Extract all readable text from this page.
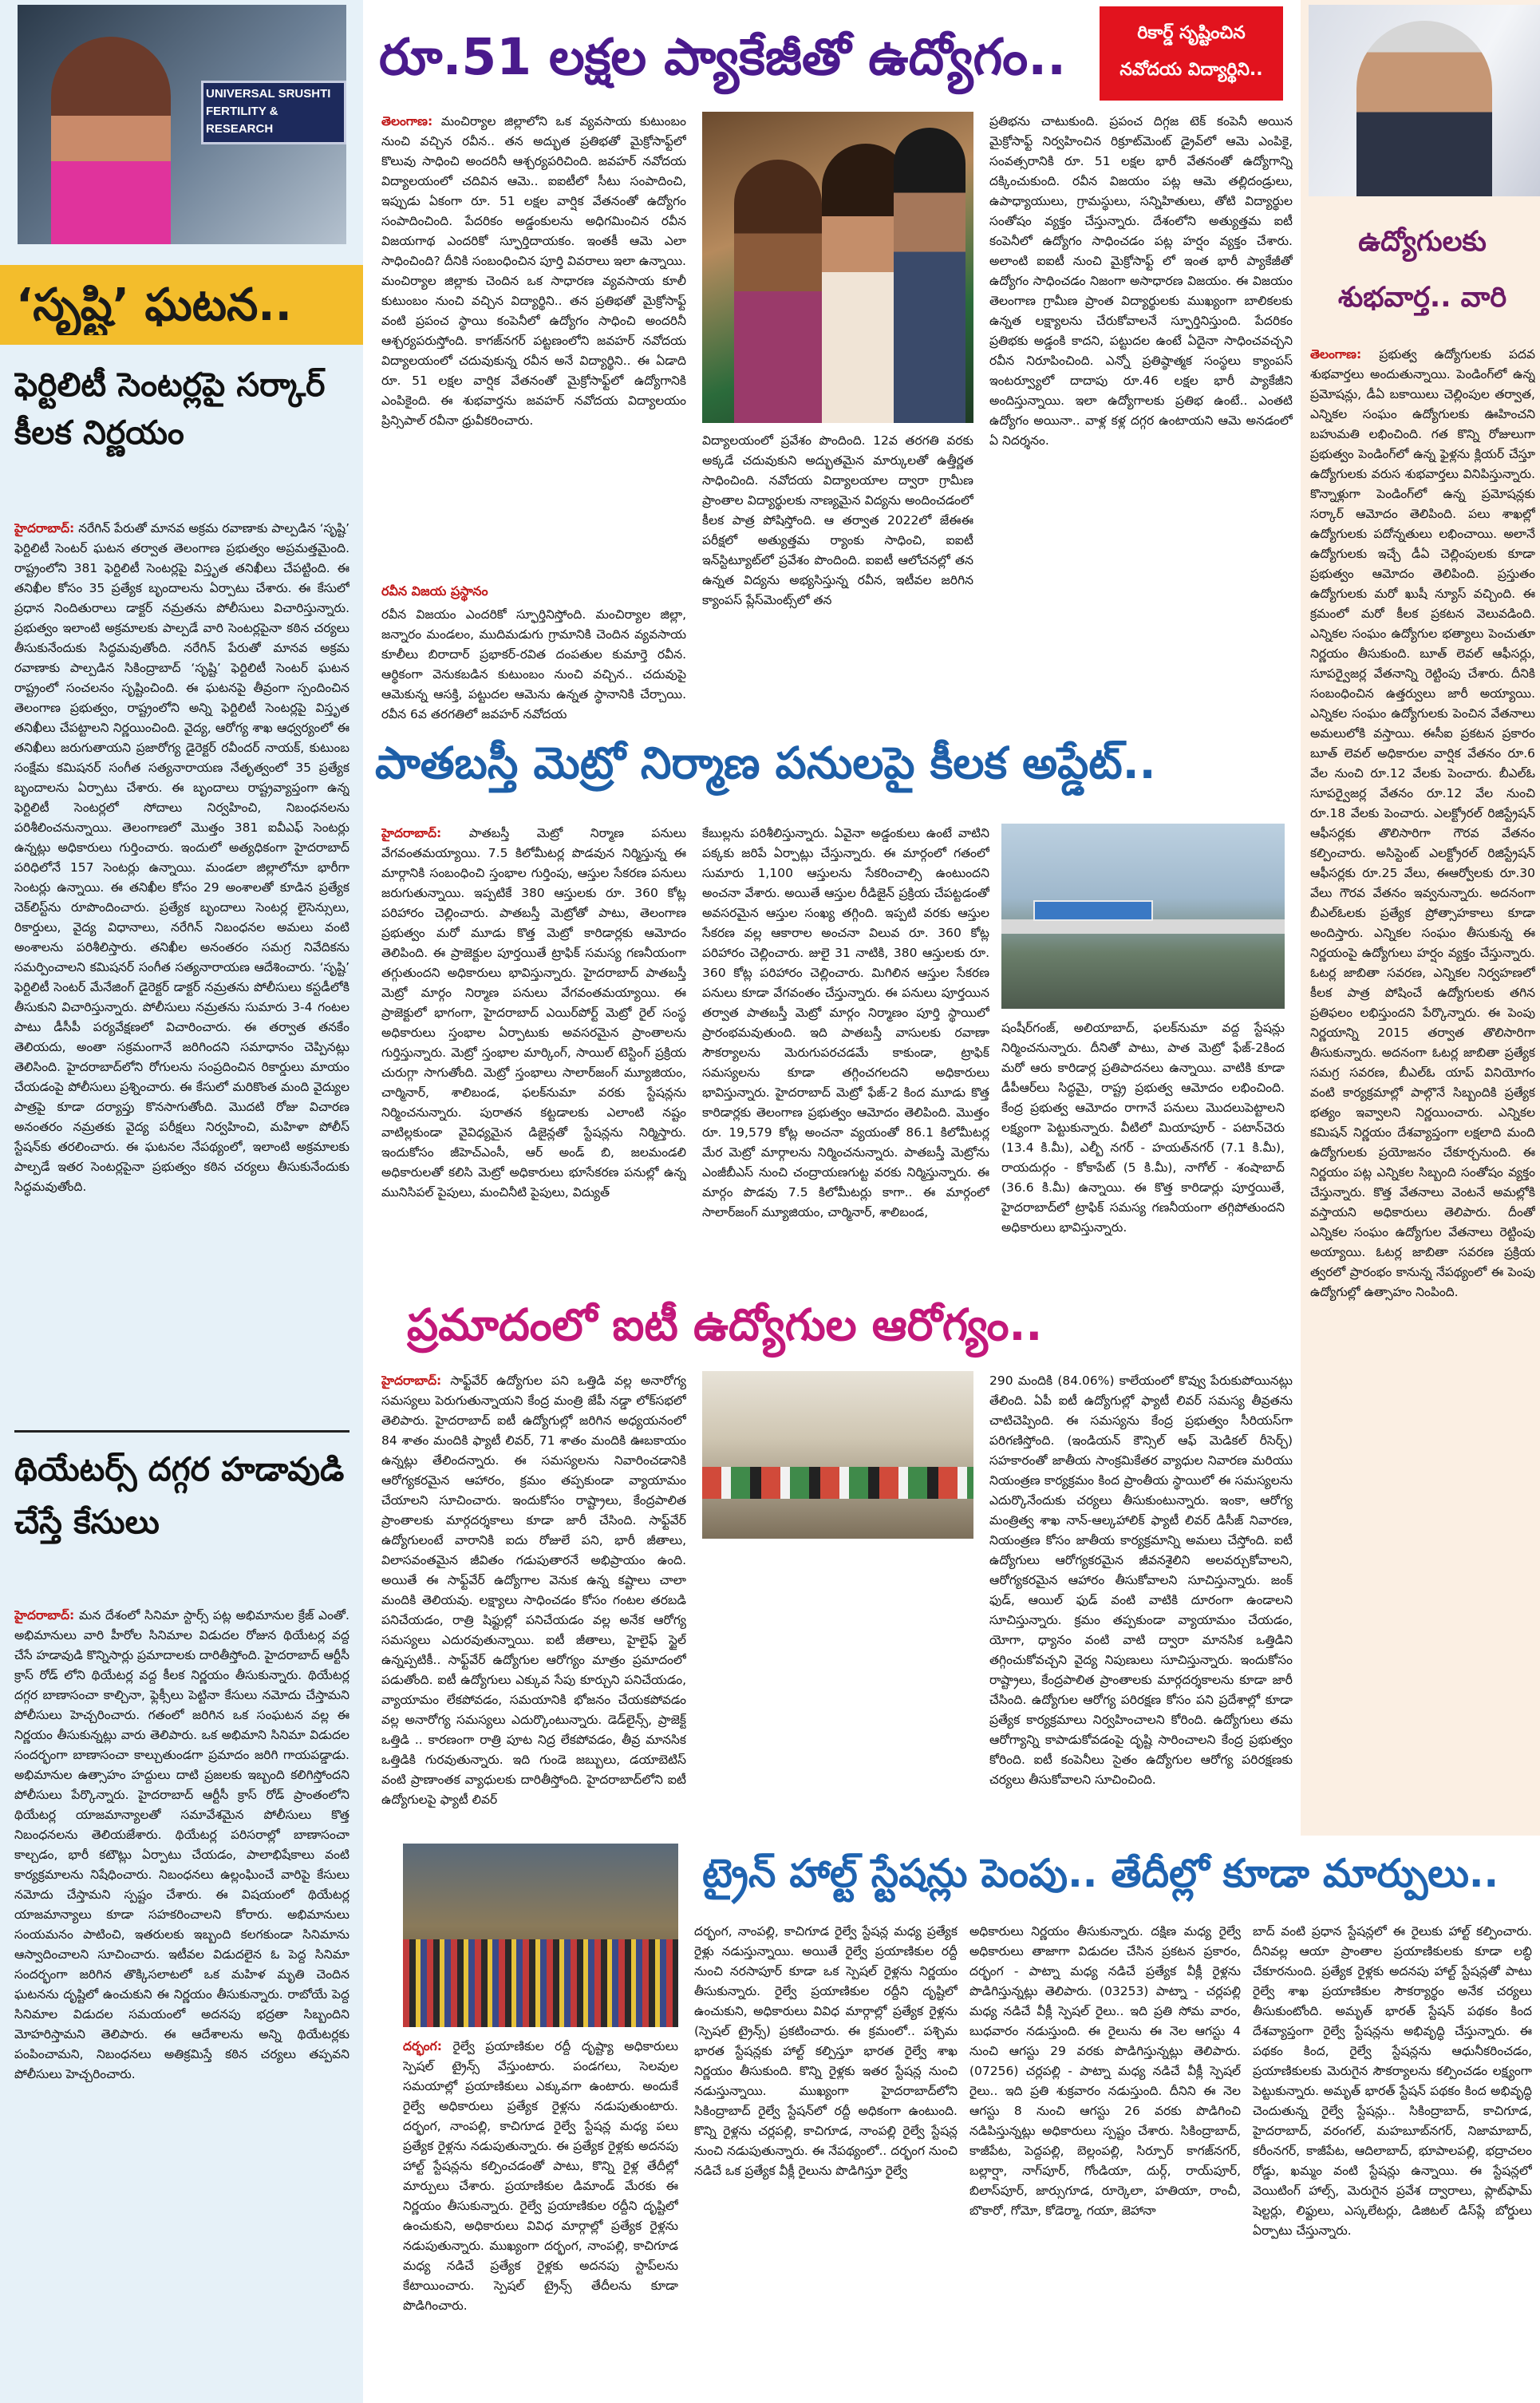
UNIVERSAL SRUSHTI FERTILITY & RESEARCH
‘సృష్టి’ ఘటన..
ఫెర్టిలిటీ సెంటర్లపై సర్కార్ కీలక నిర్ణయం
హైదరాబాద్: నరేగిన్ పేరుతో మానవ అక్రమ రవాణాకు పాల్పడిన ‘సృష్టి’ ఫెర్టిలిటీ సెంటర్ ఘటన తర్వాత తెలంగాణ ప్రభుత్వం అప్రమత్తమైంది. రాష్ట్రంలోని 381 ఫెర్టిలిటీ సెంటర్లపై విస్తృత తనిఖీలు చేపట్టింది. ఈ తనిఖీల కోసం 35 ప్రత్యేక బృందాలను ఏర్పాటు చేశారు. ఈ కేసులో ప్రధాన నిందితురాలు డాక్టర్ నమ్రతను పోలీసులు విచారిస్తున్నారు. ప్రభుత్వం ఇలాంటి అక్రమాలకు పాల్పడే వారి సెంటర్లపైనా కఠిన చర్యలు తీసుకునేందుకు సిద్ధమవుతోంది. నరేగిన్ పేరుతో మానవ అక్రమ రవాణాకు పాల్పడిన సికింద్రాబాద్ ‘సృష్టి’ ఫెర్టిలిటీ సెంటర్ ఘటన రాష్ట్రంలో సంచలనం సృష్టించింది. ఈ ఘటనపై తీవ్రంగా స్పందించిన తెలంగాణ ప్రభుత్వం, రాష్ట్రంలోని అన్ని ఫెర్టిలిటీ సెంటర్లపై విస్తృత తనిఖీలు చేపట్టాలని నిర్ణయించింది. వైద్య, ఆరోగ్య శాఖ ఆధ్వర్యంలో ఈ తనిఖీలు జరుగుతాయని ప్రజారోగ్య డైరెక్టర్ రవీందర్ నాయక్, కుటుంబ సంక్షేమ కమిషనర్ సంగీత సత్యనారాయణ నేతృత్వంలో 35 ప్రత్యేక బృందాలను ఏర్పాటు చేశారు. ఈ బృందాలు రాష్ట్రవ్యాప్తంగా ఉన్న ఫెర్టిలిటీ సెంటర్లలో సోదాలు నిర్వహించి, నిబంధనలను పరిశీలించనున్నాయి. తెలంగాణలో మొత్తం 381 ఐవీఎఫ్ సెంటర్లు ఉన్నట్లు అధికారులు గుర్తించారు. ఇందులో అత్యధికంగా హైదరాబాద్ పరిధిలోనే 157 సెంటర్లు ఉన్నాయి. మండలా జిల్లాలోనూ భారీగా సెంటర్లు ఉన్నాయి. ఈ తనిఖీల కోసం 29 అంశాలతో కూడిన ప్రత్యేక చెక్‌లిస్ట్‌ను రూపొందించారు. ప్రత్యేక బృందాలు సెంటర్ల లైసెన్సులు, రికార్డులు, వైద్య విధానాలు, నరేగిన్ నిబంధనల అమలు వంటి అంశాలను పరిశీలిస్తారు. తనిఖీల అనంతరం సమగ్ర నివేదికను సమర్పించాలని కమిషనర్ సంగీత సత్యనారాయణ ఆదేశించారు. ‘సృష్టి’ ఫెర్టిలిటీ సెంటర్ మేనేజింగ్ డైరెక్టర్ డాక్టర్ నమ్రతను పోలీసులు కస్టడీలోకి తీసుకుని విచారిస్తున్నారు. పోలీసులు నమ్రతను సుమారు 3-4 గంటల పాటు డీసీపీ పర్యవేక్షణలో విచారించారు. ఈ తర్వాత తనకేం తెలియదు, అంతా సక్రమంగానే జరిగిందని సమాధానం చెప్పినట్లు తెలిసింది. హైదరాబాద్‌లోని రోగులను సంప్రదించిన రికార్డులు మాయం చేయడంపై పోలీసులు ప్రశ్నించారు. ఈ కేసులో మరికొంత మంది వైద్యుల పాత్రపై కూడా దర్యాప్తు కొనసాగుతోంది. మొదటి రోజు విచారణ అనంతరం నమ్రతకు వైద్య పరీక్షలు నిర్వహించి, మహిళా పోలీస్ స్టేషన్‌కు తరలించారు. ఈ ఘటనల నేపథ్యంలో, ఇలాంటి అక్రమాలకు పాల్పడే ఇతర సెంటర్లపైనా ప్రభుత్వం కఠిన చర్యలు తీసుకునేందుకు సిద్ధమవుతోంది.
థియేటర్స్ దగ్గర హడావుడి చేస్తే కేసులు
హైదరాబాద్: మన దేశంలో సినిమా స్టార్స్ పట్ల అభిమానుల క్రేజ్ ఎంతో. అభిమానులు వారి హీరోల సినిమాల విడుదల రోజున థియేటర్ల వద్ద చేసే హడావుడి కొన్నిసార్లు ప్రమాదాలకు దారితీస్తోంది. హైదరాబాద్ ఆర్టీసీ క్రాస్ రోడ్ లోని థియేటర్ల వద్ద కీలక నిర్ణయం తీసుకున్నారు. థియేటర్ల దగ్గర బాణాసంచా కాల్చినా, ఫ్లెక్సీలు పెట్టినా కేసులు నమోదు చేస్తామని పోలీసులు హెచ్చరించారు. గతంలో జరిగిన ఒక సంఘటన వల్ల ఈ నిర్ణయం తీసుకున్నట్లు వారు తెలిపారు. ఒక అభిమాని సినిమా విడుదల సందర్భంగా బాణాసంచా కాల్చుతుండగా ప్రమాదం జరిగి గాయపడ్డాడు. అభిమానుల ఉత్సాహం హద్దులు దాటి ప్రజలకు ఇబ్బంది కలిగిస్తోందని పోలీసులు పేర్కొన్నారు. హైదరాబాద్ ఆర్టీసీ క్రాస్ రోడ్ ప్రాంతంలోని థియేటర్ల యాజమాన్యాలతో సమావేశమైన పోలీసులు కొత్త నిబంధనలను తెలియజేశారు. థియేటర్ల పరిసరాల్లో బాణాసంచా కాల్చడం, భారీ కటౌట్లు ఏర్పాటు చేయడం, పాలాభిషేకాలు వంటి కార్యక్రమాలను నిషేధించారు. నిబంధనలు ఉల్లంఘించే వారిపై కేసులు నమోదు చేస్తామని స్పష్టం చేశారు. ఈ విషయంలో థియేటర్ల యాజమాన్యాలు కూడా సహకరించాలని కోరారు. అభిమానులు సంయమనం పాటించి, ఇతరులకు ఇబ్బంది కలగకుండా సినిమాను ఆస్వాదించాలని సూచించారు. ఇటీవల విడుదలైన ఓ పెద్ద సినిమా సందర్భంగా జరిగిన తొక్కిసలాటలో ఒక మహిళ మృతి చెందిన ఘటనను దృష్టిలో ఉంచుకుని ఈ నిర్ణయం తీసుకున్నారు. రాబోయే పెద్ద సినిమాల విడుదల సమయంలో అదనపు భద్రతా సిబ్బందిని మోహరిస్తామని తెలిపారు. ఈ ఆదేశాలను అన్ని థియేటర్లకు పంపించామని, నిబంధనలు అతిక్రమిస్తే కఠిన చర్యలు తప్పవని పోలీసులు హెచ్చరించారు.
రూ.51 లక్షల ప్యాకేజీతో ఉద్యోగం..	రికార్డ్ సృష్టించిన
నవోదయ విద్యార్థిని..
తెలంగాణ: మంచిర్యాల జిల్లాలోని ఒక వ్యవసాయ కుటుంబం నుంచి వచ్చిన రవీన.. తన అద్భుత ప్రతిభతో మైక్రోసాఫ్ట్‌లో కొలువు సాధించి అందరినీ ఆశ్చర్యపరిచింది. జవహర్ నవోదయ విద్యాలయంలో చదివిన ఆమె.. ఐఐటీలో సీటు సంపాదించి, ఇప్పుడు ఏకంగా రూ. 51 లక్షల వార్షిక వేతనంతో ఉద్యోగం సంపాదించింది. పేదరికం అడ్డంకులను అధిగమించిన రవీన విజయగాథ ఎందరికో స్ఫూర్తిదాయకం. ఇంతకీ ఆమె ఎలా సాధించింది? దీనికి సంబంధించిన పూర్తి వివరాలు ఇలా ఉన్నాయి. మంచిర్యాల జిల్లాకు చెందిన ఒక సాధారణ వ్యవసాయ కూలీ కుటుంబం నుంచి వచ్చిన విద్యార్థిని.. తన ప్రతిభతో మైక్రోసాఫ్ట్ వంటి ప్రపంచ స్థాయి కంపెనీలో ఉద్యోగం సాధించి అందరినీ ఆశ్చర్యపరుస్తోంది. కాగజ్‌నగర్ పట్టణంలోని జవహర్ నవోదయ విద్యాలయంలో చదువుకున్న రవీన అనే విద్యార్థిని.. ఈ ఏడాది రూ. 51 లక్షల వార్షిక వేతనంతో మైక్రోసాఫ్ట్‌లో ఉద్యోగానికి ఎంపికైంది. ఈ శుభవార్తను జవహర్ నవోదయ విద్యాలయం ప్రిన్సిపాల్ రవీనా ధ్రువీకరించారు.
రవీన విజయ ప్రస్థానం
రవీన విజయం ఎందరికో స్ఫూర్తినిస్తోంది. మంచిర్యాల జిల్లా, జన్నారం మండలం, ముదిమడుగు గ్రామానికి చెందిన వ్యవసాయ కూలీలు బిరాదార్ ప్రభాకర్-రవిత దంపతుల కుమార్తె రవీన. ఆర్థికంగా వెనుకబడిన కుటుంబం నుంచి వచ్చిన.. చదువుపై ఆమెకున్న ఆసక్తి, పట్టుదల ఆమెను ఉన్నత స్థానానికి చేర్చాయి. రవీన 6వ తరగతిలో జవహర్ నవోదయ
విద్యాలయంలో ప్రవేశం పొందింది. 12వ తరగతి వరకు అక్కడే చదువుకుని అద్భుతమైన మార్కులతో ఉత్తీర్ణత సాధించింది. నవోదయ విద్యాలయాల ద్వారా గ్రామీణ ప్రాంతాల విద్యార్థులకు నాణ్యమైన విద్యను అందించడంలో కీలక పాత్ర పోషిస్తోంది. ఆ తర్వాత 2022లో జేఈఈ పరీక్షలో అత్యుత్తమ ర్యాంకు సాధించి, ఐఐటీ ఇన్‌స్టిట్యూట్‌లో ప్రవేశం పొందింది. ఐఐటీ ఆలోచనల్లో తన ఉన్నత విద్యను అభ్యసిస్తున్న రవీన, ఇటీవల జరిగిన క్యాంపస్ ప్లేస్‌మెంట్స్‌లో తన
ప్రతిభను చాటుకుంది. ప్రపంచ దిగ్గజ టెక్ కంపెనీ అయిన మైక్రోసాఫ్ట్ నిర్వహించిన రిక్రూట్‌మెంట్ డ్రైవ్‌లో ఆమె ఎంపికై, సంవత్సరానికి రూ. 51 లక్షల భారీ వేతనంతో ఉద్యోగాన్ని దక్కించుకుంది. రవీన విజయం పట్ల ఆమె తల్లిదండ్రులు, ఉపాధ్యాయులు, గ్రామస్థులు, సన్నిహితులు, తోటి విద్యార్థుల సంతోషం వ్యక్తం చేస్తున్నారు. దేశంలోని అత్యుత్తమ ఐటీ కంపెనీలో ఉద్యోగం సాధించడం పట్ల హర్షం వ్యక్తం చేశారు. అలాంటి ఐఐటీ నుంచి మైక్రోసాఫ్ట్ లో ఇంత భారీ ప్యాకేజీతో ఉద్యోగం సాధించడం నిజంగా అసాధారణ విజయం. ఈ విజయం తెలంగాణ గ్రామీణ ప్రాంత విద్యార్థులకు ముఖ్యంగా బాలికలకు ఉన్నత లక్ష్యాలను చేరుకోవాలనే స్ఫూర్తినిస్తుంది. పేదరికం ప్రతిభకు అడ్డంకి కాదని, పట్టుదల ఉంటే ఏదైనా సాధించవచ్చని రవీన నిరూపించింది. ఎన్నో ప్రతిష్ఠాత్మక సంస్థలు క్యాంపస్ ఇంటర్వ్యూలో దాదాపు రూ.46 లక్షల భారీ ప్యాకేజీని అందిస్తున్నాయి. ఇలా ఉద్యోగాలకు ప్రతిభ ఉంటే.. ఎంతటి ఉద్యోగం అయినా.. వాళ్ల కళ్ల దగ్గర ఉంటాయని ఆమె అనడంలో ఏ నిదర్శనం.
ఉద్యోగులకు శుభవార్త.. వారి
తెలంగాణ: ప్రభుత్వ ఉద్యోగులకు పదవ శుభవార్తలు అందుతున్నాయి. పెండింగ్‌లో ఉన్న ప్రమోషన్లు, డీఏ బకాయిలు చెల్లింపుల తర్వాత, ఎన్నికల సంఘం ఉద్యోగులకు ఊహించని బహుమతి లభించింది. గత కొన్ని రోజులుగా ప్రభుత్వం పెండింగ్‌లో ఉన్న ఫైళ్లను క్లియర్ చేస్తూ ఉద్యోగులకు వరుస శుభవార్తలు వినిపిస్తున్నారు. కొన్నాళ్లుగా పెండింగ్‌లో ఉన్న ప్రమోషన్లకు సర్కార్ ఆమోదం తెలిపింది. పలు శాఖల్లో ఉద్యోగులకు పదోన్నతులు లభించాయి. అలానే ఉద్యోగులకు ఇచ్చే డీఏ చెల్లింపులకు కూడా ప్రభుత్వం ఆమోదం తెలిపింది. ప్రస్తుతం ఉద్యోగులకు మరో ఖుషీ న్యూస్ వచ్చింది. ఈ క్రమంలో మరో కీలక ప్రకటన వెలువడింది. ఎన్నికల సంఘం ఉద్యోగుల భత్యాలు పెంచుతూ నిర్ణయం తీసుకుంది. బూత్ లెవల్ ఆఫీసర్లు, సూపర్వైజర్ల వేతనాన్ని రెట్టింపు చేశారు. దీనికి సంబంధించిన ఉత్తర్వులు జారీ అయ్యాయి. ఎన్నికల సంఘం ఉద్యోగులకు పెంచిన వేతనాలు అమలులోకి వస్తాయి. ఈసీఐ ప్రకటన ప్రకారం బూత్ లెవల్ అధికారుల వార్షిక వేతనం రూ.6 వేల నుంచి రూ.12 వేలకు పెంచారు. బీఎల్‌ఓ సూపర్వైజర్ల వేతనం రూ.12 వేల నుంచి రూ.18 వేలకు పెంచారు. ఎలక్ట్రోరల్ రిజిస్ట్రేషన్ ఆఫీసర్లకు తొలిసారిగా గౌరవ వేతనం కల్పించారు. అసిస్టెంట్ ఎలక్ట్రోరల్ రిజిస్ట్రేషన్ ఆఫీసర్లకు రూ.25 వేలు, ఈఆర్వోలకు రూ.30 వేలు గౌరవ వేతనం ఇవ్వనున్నారు. అదనంగా బీఎల్‌ఓలకు ప్రత్యేక ప్రోత్సాహకాలు కూడా అందిస్తారు. ఎన్నికల సంఘం తీసుకున్న ఈ నిర్ణయంపై ఉద్యోగులు హర్షం వ్యక్తం చేస్తున్నారు. ఓటర్ల జాబితా సవరణ, ఎన్నికల నిర్వహణలో కీలక పాత్ర పోషించే ఉద్యోగులకు తగిన ప్రతిఫలం లభిస్తుందని పేర్కొన్నారు. ఈ పెంపు నిర్ణయాన్ని 2015 తర్వాత తొలిసారిగా తీసుకున్నారు. అదనంగా ఓటర్ల జాబితా ప్రత్యేక సమగ్ర సవరణ, బీఎల్‌ఓ యాప్ వినియోగం వంటి కార్యక్రమాల్లో పాల్గొనే సిబ్బందికి ప్రత్యేక భత్యం ఇవ్వాలని నిర్ణయించారు. ఎన్నికల కమిషన్ నిర్ణయం దేశవ్యాప్తంగా లక్షలాది మంది ఉద్యోగులకు ప్రయోజనం చేకూర్చనుంది. ఈ నిర్ణయం పట్ల ఎన్నికల సిబ్బంది సంతోషం వ్యక్తం చేస్తున్నారు. కొత్త వేతనాలు వెంటనే అమల్లోకి వస్తాయని అధికారులు తెలిపారు. దీంతో ఎన్నికల సంఘం ఉద్యోగుల వేతనాలు రెట్టింపు అయ్యాయి. ఓటర్ల జాబితా సవరణ ప్రక్రియ త్వరలో ప్రారంభం కానున్న నేపథ్యంలో ఈ పెంపు ఉద్యోగుల్లో ఉత్సాహం నింపింది.
పాతబస్తీ మెట్రో నిర్మాణ పనులపై కీలక అప్డేట్..
హైదరాబాద్: పాతబస్తీ మెట్రో నిర్మాణ పనులు వేగవంతమయ్యాయి. 7.5 కిలోమీటర్ల పొడవున నిర్మిస్తున్న ఈ మార్గానికి సంబంధించి స్తంభాల గుర్తింపు, ఆస్తుల సేకరణ పనులు జరుగుతున్నాయి. ఇప్పటికే 380 ఆస్తులకు రూ. 360 కోట్ల పరిహారం చెల్లించారు. పాతబస్తీ మెట్రోతో పాటు, తెలంగాణ ప్రభుత్వం మరో మూడు కొత్త మెట్రో కారిడార్లకు ఆమోదం తెలిపింది. ఈ ప్రాజెక్టుల పూర్తయితే ట్రాఫిక్ సమస్య గణనీయంగా తగ్గుతుందని అధికారులు భావిస్తున్నారు. హైదరాబాద్ పాతబస్తీ మెట్రో మార్గం నిర్మాణ పనులు వేగవంతమయ్యాయి. ఈ ప్రాజెక్టులో భాగంగా, హైదరాబాద్ ఎయిర్‌పోర్ట్ మెట్రో రైల్ సంస్థ అధికారులు స్తంభాల ఏర్పాటుకు అవసరమైన ప్రాంతాలను గుర్తిస్తున్నారు. మెట్రో స్తంభాల మార్కింగ్, సాయిల్ టెస్టింగ్ ప్రక్రియ చురుగ్గా సాగుతోంది. మెట్రో స్తంభాలు సాలార్‌జంగ్ మ్యూజియం, చార్మినార్, శాలిబండ, ఫలక్‌నుమా వరకు స్టేషన్లను నిర్మించనున్నారు. పురాతన కట్టడాలకు ఎలాంటి నష్టం వాటిల్లకుండా వైవిధ్యమైన డిజైన్లతో స్టేషన్లను నిర్మిస్తారు. ఇందుకోసం జీహెచ్‌ఎంసీ, ఆర్ అండ్ బి, జలమండలి అధికారులతో కలిసి మెట్రో అధికారులు భూసేకరణ పనుల్లో ఉన్న మునిసిపల్ పైపులు, మంచినీటి పైపులు, విద్యుత్
కేబుల్లను పరిశీలిస్తున్నారు. ఏవైనా అడ్డంకులు ఉంటే వాటిని పక్కకు జరిపే ఏర్పాట్లు చేస్తున్నారు. ఈ మార్గంలో గతంలో సుమారు 1,100 ఆస్తులను సేకరించాల్సి ఉంటుందని అంచనా వేశారు. అయితే ఆస్తుల రీడిజైన్ ప్రక్రియ చేపట్టడంతో అవసరమైన ఆస్తుల సంఖ్య తగ్గింది. ఇప్పటి వరకు ఆస్తుల సేకరణ వల్ల ఆకారాల అంచనా విలువ రూ. 360 కోట్ల పరిహారం చెల్లించారు. జులై 31 నాటికి, 380 ఆస్తులకు రూ. 360 కోట్ల పరిహారం చెల్లించారు. మిగిలిన ఆస్తుల సేకరణ పనులు కూడా వేగవంతం చేస్తున్నారు. ఈ పనులు పూర్తయిన తర్వాత పాతబస్తీ మెట్రో మార్గం నిర్మాణం పూర్తి స్థాయిలో ప్రారంభమవుతుంది. ఇది పాతబస్తీ వాసులకు రవాణా సౌకర్యాలను మెరుగుపరచడమే కాకుండా, ట్రాఫిక్ సమస్యలను కూడా తగ్గించగలదని అధికారులు భావిస్తున్నారు. హైదరాబాద్ మెట్రో ఫేజ్-2 కింద మూడు కొత్త కారిడార్లకు తెలంగాణ ప్రభుత్వం ఆమోదం తెలిపింది. మొత్తం రూ. 19,579 కోట్ల అంచనా వ్యయంతో 86.1 కిలోమీటర్ల మేర మెట్రో మార్గాలను నిర్మించనున్నారు. పాతబస్తీ మెట్రోను ఎంజీబీఎస్ నుంచి చంద్రాయణగుట్ట వరకు నిర్మిస్తున్నారు. ఈ మార్గం పొడవు 7.5 కిలోమీటర్లు కాగా.. ఈ మార్గంలో సాలార్‌జంగ్ మ్యూజియం, చార్మినార్, శాలిబండ,
షంషీర్‌గంజ్, అలియాబాద్, ఫలక్‌నుమా వద్ద స్టేషన్లు నిర్మించనున్నారు. దీనితో పాటు, పాత మెట్రో ఫేజ్-2కింద మరో ఆరు కారిడార్ల ప్రతిపాదనలు ఉన్నాయి. వాటికి కూడా డీపీఆర్‌లు సిద్ధమై, రాష్ట్ర ప్రభుత్వ ఆమోదం లభించింది. కేంద్ర ప్రభుత్వ ఆమోదం రాగానే పనులు మొదలుపెట్టాలని లక్ష్యంగా పెట్టుకున్నారు. వీటిలో మియాపూర్ - పటాన్‌చెరు (13.4 కి.మీ), ఎల్బీ నగర్ - హయత్‌నగర్ (7.1 కి.మీ), రాయదుర్గం - కోకాపేట్ (5 కి.మీ), నాగోల్ - శంషాబాద్ (36.6 కి.మీ) ఉన్నాయి. ఈ కొత్త కారిడార్లు పూర్తయితే, హైదరాబాద్‌లో ట్రాఫిక్ సమస్య గణనీయంగా తగ్గిపోతుందని అధికారులు భావిస్తున్నారు.
ప్రమాదంలో ఐటీ ఉద్యోగుల ఆరోగ్యం..
హైదరాబాద్: సాఫ్ట్‌వేర్ ఉద్యోగుల పని ఒత్తిడి వల్ల అనారోగ్య సమస్యలు పెరుగుతున్నాయని కేంద్ర మంత్రి జేపీ నడ్డా లోక్‌సభలో తెలిపారు. హైదరాబాద్ ఐటీ ఉద్యోగుల్లో జరిగిన అధ్యయనంలో 84 శాతం మందికి ఫ్యాటీ లివర్, 71 శాతం మందికి ఊబకాయం ఉన్నట్లు తేలిందన్నారు. ఈ సమస్యలను నివారించడానికి ఆరోగ్యకరమైన ఆహారం, క్రమం తప్పకుండా వ్యాయామం చేయాలని సూచించారు. ఇందుకోసం రాష్ట్రాలు, కేంద్రపాలిత ప్రాంతాలకు మార్గదర్శకాలు కూడా జారీ చేసింది. సాఫ్ట్‌వేర్ ఉద్యోగులంటే వారానికి ఐదు రోజులే పని, భారీ జీతాలు, విలాసవంతమైన జీవితం గడుపుతారనే అభిప్రాయం ఉంది. అయితే ఈ సాఫ్ట్‌వేర్ ఉద్యోగాల వెనుక ఉన్న కష్టాలు చాలా మందికి తెలియవు. లక్ష్యాలు సాధించడం కోసం గంటల తరబడి పనిచేయడం, రాత్రి షిఫ్టుల్లో పనిచేయడం వల్ల అనేక ఆరోగ్య సమస్యలు ఎదురవుతున్నాయి. ఐటీ జీతాలు, హైలైఫ్ స్టైల్ ఉన్నప్పటికీ.. సాఫ్ట్‌వేర్ ఉద్యోగుల ఆరోగ్యం మాత్రం ప్రమాదంలో పడుతోంది. ఐటీ ఉద్యోగులు ఎక్కువ సేపు కూర్చుని పనిచేయడం, వ్యాయామం లేకపోవడం, సమయానికి భోజనం చేయకపోవడం వల్ల అనారోగ్య సమస్యలు ఎదుర్కొంటున్నారు. డెడ్‌లైన్స్, ప్రాజెక్ట్ ఒత్తిడి .. కారణంగా రాత్రి పూట నిద్ర లేకపోవడం, తీవ్ర మానసిక ఒత్తిడికి గురవుతున్నారు. ఇది గుండె జబ్బులు, డయాబెటిస్ వంటి ప్రాణాంతక వ్యాధులకు దారితీస్తోంది. హైదరాబాద్‌లోని ఐటీ ఉద్యోగులపై ఫ్యాటీ లివర్
290 మందికి (84.06%) కాలేయంలో కొవ్వు పేరుకుపోయినట్లు తేలింది. ఏపీ ఐటీ ఉద్యోగుల్లో ఫ్యాటీ లివర్ సమస్య తీవ్రతను చాటిచెప్పింది. ఈ సమస్యను కేంద్ర ప్రభుత్వం సీరియస్‌గా పరిగణిస్తోంది. (ఇండియన్ కౌన్సిల్ ఆఫ్ మెడికల్ రీసెర్చ్) సహకారంతో జాతీయ సాంక్రమికేతర వ్యాధుల నివారణ మరియు నియంత్రణ కార్యక్రమం కింద ప్రాంతీయ స్థాయిలో ఈ సమస్యలను ఎదుర్కొనేందుకు చర్యలు తీసుకుంటున్నారు. ఇంకా, ఆరోగ్య మంత్రిత్వ శాఖ నాన్-ఆల్కహాలిక్ ఫ్యాటీ లివర్ డిసీజ్ నివారణ, నియంత్రణ కోసం జాతీయ కార్యక్రమాన్ని అమలు చేస్తోంది. ఐటీ ఉద్యోగులు ఆరోగ్యకరమైన జీవనశైలిని అలవర్చుకోవాలని, ఆరోగ్యకరమైన ఆహారం తీసుకోవాలని సూచిస్తున్నారు. జంక్ ఫుడ్, ఆయిల్ ఫుడ్ వంటి వాటికి దూరంగా ఉండాలని సూచిస్తున్నారు. క్రమం తప్పకుండా వ్యాయామం చేయడం, యోగా, ధ్యానం వంటి వాటి ద్వారా మానసిక ఒత్తిడిని తగ్గించుకోవచ్చని వైద్య నిపుణులు సూచిస్తున్నారు. ఇందుకోసం రాష్ట్రాలు, కేంద్రపాలిత ప్రాంతాలకు మార్గదర్శకాలను కూడా జారీ చేసింది. ఉద్యోగుల ఆరోగ్య పరిరక్షణ కోసం పని ప్రదేశాల్లో కూడా ప్రత్యేక కార్యక్రమాలు నిర్వహించాలని కోరింది. ఉద్యోగులు తమ ఆరోగ్యాన్ని కాపాడుకోవడంపై దృష్టి సారించాలని కేంద్ర ప్రభుత్వం కోరింది. ఐటీ కంపెనీలు సైతం ఉద్యోగుల ఆరోగ్య పరిరక్షణకు చర్యలు తీసుకోవాలని సూచించింది.
ట్రైన్ హాల్ట్ స్టేషన్లు పెంపు.. తేదీల్లో కూడా మార్పులు..
దర్భంగ: రైల్వే ప్రయాణికుల రద్దీ దృష్ట్యా అధికారులు స్పెషల్ ట్రైన్స్ వేస్తుంటారు. పండగలు, సెలవుల సమయాల్లో ప్రయాణికులు ఎక్కువగా ఉంటారు. అందుకే రైల్వే అధికారులు ప్రత్యేక రైళ్లను నడుపుతుంటారు. దర్భంగ, నాంపల్లి, కాచిగూడ రైల్వే స్టేషన్ల మధ్య పలు ప్రత్యేక రైళ్లను నడుపుతున్నారు. ఈ ప్రత్యేక రైళ్లకు అదనపు హాల్ట్ స్టేషన్లను కల్పించడంతో పాటు, కొన్ని రైళ్ల తేదీల్లో మార్పులు చేశారు. ప్రయాణికుల డిమాండ్ మేరకు ఈ నిర్ణయం తీసుకున్నారు. రైల్వే ప్రయాణికుల రద్దీని దృష్టిలో ఉంచుకుని, అధికారులు వివిధ మార్గాల్లో ప్రత్యేక రైళ్లను నడుపుతున్నారు. ముఖ్యంగా దర్భంగ, నాంపల్లి, కాచిగూడ మధ్య నడిచే ప్రత్యేక రైళ్లకు అదనపు స్టాప్‌లను కేటాయించారు. స్పెషల్ ట్రైన్స్ తేదీలను కూడా పొడిగించారు.
దర్భంగ, నాంపల్లి, కాచిగూడ రైల్వే స్టేషన్ల మధ్య ప్రత్యేక రైళ్లు నడుస్తున్నాయి. అయితే రైల్వే ప్రయాణికుల రద్దీ నుంచి నరసాపూర్ కూడా ఒక స్పెషల్ రైళ్లను నిర్ణయం తీసుకున్నారు. రైల్వే ప్రయాణికుల రద్దీని దృష్టిలో ఉంచుకుని, అధికారులు వివిధ మార్గాల్లో ప్రత్యేక రైళ్లను (స్పెషల్ ట్రైన్స్) ప్రకటించారు. ఈ క్రమంలో.. పశ్చిమ భారత స్టేషన్లకు హాల్ట్ కల్పిస్తూ భారత రైల్వే శాఖ నిర్ణయం తీసుకుంది. కొన్ని రైళ్లకు ఇతర స్టేషన్ల నుంచి నడుస్తున్నాయి. ముఖ్యంగా హైదరాబాద్‌లోని సికింద్రాబాద్ రైల్వే స్టేషన్‌లో రద్దీ అధికంగా ఉంటుంది. కొన్ని రైళ్లను చర్లపల్లి, కాచిగూడ, నాంపల్లి రైల్వే స్టేషన్ల నుంచి నడుపుతున్నారు. ఈ నేపథ్యంలో.. దర్భంగ నుంచి నడిచే ఒక ప్రత్యేక వీక్లీ రైలును పొడిగిస్తూ రైల్వే
అధికారులు నిర్ణయం తీసుకున్నారు. దక్షిణ మధ్య రైల్వే అధికారులు తాజాగా విడుదల చేసిన ప్రకటన ప్రకారం, దర్భంగ - పాట్నా మధ్య నడిచే ప్రత్యేక వీక్లీ రైళ్లను పొడిగిస్తున్నట్లు తెలిపారు. (03253) పాట్నా - చర్లపల్లి మధ్య నడిచే వీక్లీ స్పెషల్ రైలు.. ఇది ప్రతి సోమ వారం, బుధవారం నడుస్తుంది. ఈ రైలును ఈ నెల ఆగస్టు 4 నుంచి ఆగస్టు 29 వరకు పొడిగిస్తున్నట్లు తెలిపారు. (07256) చర్లపల్లి - పాట్నా మధ్య నడిచే వీక్లీ స్పెషల్ రైలు.. ఇది ప్రతి శుక్రవారం నడుస్తుంది. దీనిని ఈ నెల ఆగస్టు 8 నుంచి ఆగస్టు 26 వరకు పొడిగించి నడిపిస్తున్నట్లు అధికారులు స్పష్టం చేశారు. సికింద్రాబాద్, కాజీపేట, పెద్దపల్లి, బెల్లంపల్లి, సిర్పూర్ కాగజ్‌నగర్, బల్లార్షా, నాగ్‌పూర్, గోండియా, దుర్గ్, రాయ్‌పూర్, బిలాస్‌పూర్, జార్సుగూడ, రూర్కెలా, హతియా, రాంచీ, బొకారో, గోమో, కోడెర్మా, గయా, జెహానా
బాద్ వంటి ప్రధాన స్టేషన్లలో ఈ రైలుకు హాల్ట్ కల్పించారు. దీనివల్ల ఆయా ప్రాంతాల ప్రయాణికులకు కూడా లబ్ధి చేకూరనుంది. ప్రత్యేక రైళ్లకు అదనపు హాల్ట్ స్టేషన్లతో పాటు రైల్వే శాఖ ప్రయాణికుల సౌకర్యార్థం అనేక చర్యలు తీసుకుంటోంది. అమృత్ భారత్ స్టేషన్ పథకం కింద దేశవ్యాప్తంగా రైల్వే స్టేషన్లను అభివృద్ధి చేస్తున్నారు. ఈ పథకం కింద, రైల్వే స్టేషన్లను ఆధునీకరించడం, ప్రయాణికులకు మెరుగైన సౌకర్యాలను కల్పించడం లక్ష్యంగా పెట్టుకున్నారు. అమృత్ భారత్ స్టేషన్ పథకం కింద అభివృద్ధి చెందుతున్న రైల్వే స్టేషన్లు.. సికింద్రాబాద్, కాచిగూడ, హైదరాబాద్, వరంగల్, మహబూబ్‌నగర్, నిజామాబాద్, కరీంనగర్, కాజీపేట, ఆదిలాబాద్, భూపాలపల్లి, భద్రాచలం రోడ్డు, ఖమ్మం వంటి స్టేషన్లు ఉన్నాయి. ఈ స్టేషన్లలో వెయిటింగ్ హాల్స్, మెరుగైన ప్రవేశ ద్వారాలు, ప్లాట్‌ఫామ్ షెల్టర్లు, లిఫ్టులు, ఎస్కలేటర్లు, డిజిటల్ డిస్‌ప్లే బోర్డులు ఏర్పాటు చేస్తున్నారు.
